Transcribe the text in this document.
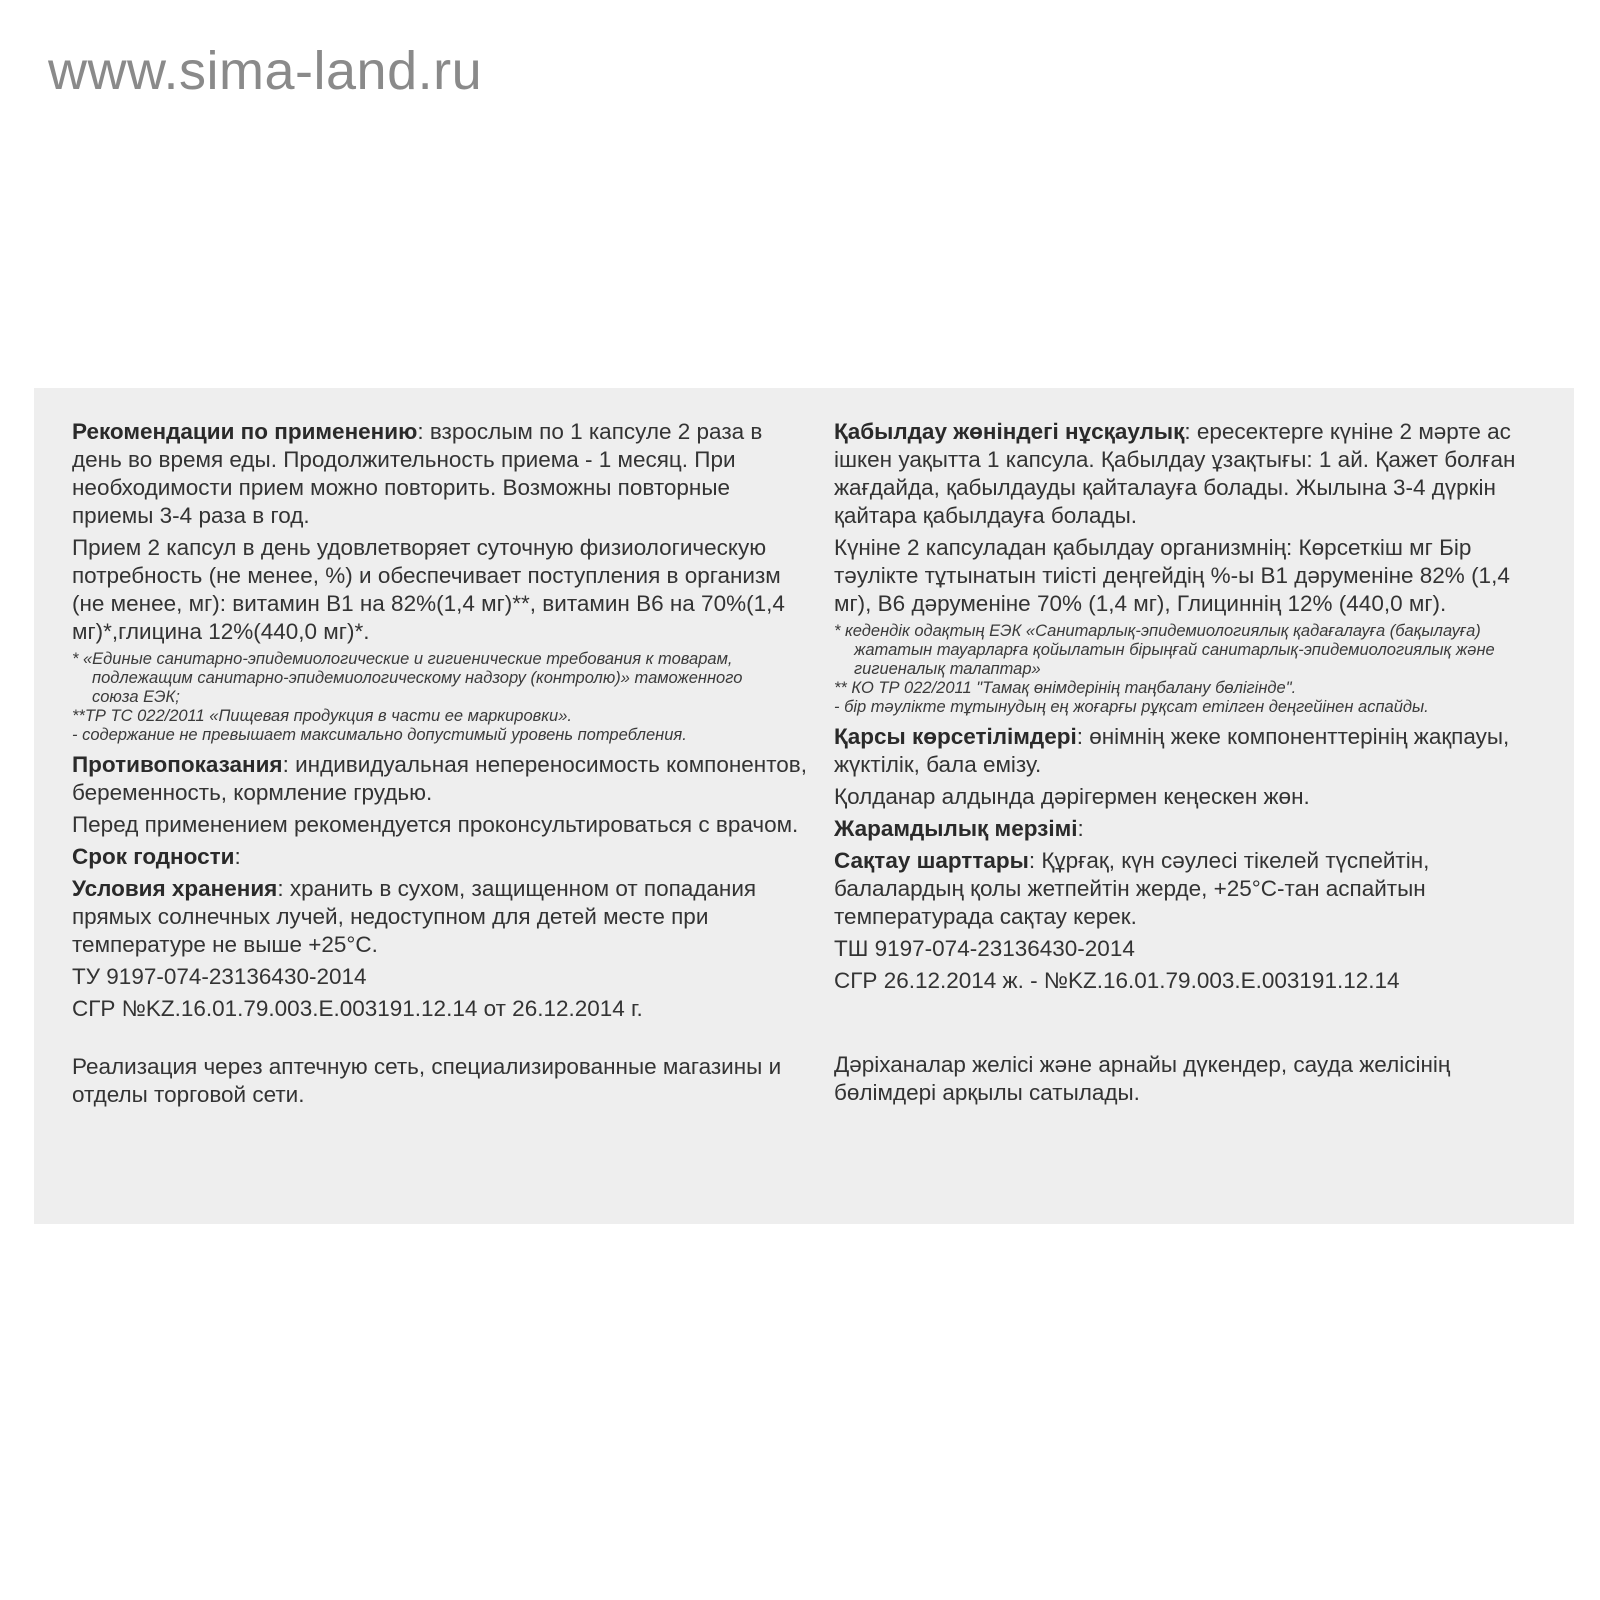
www.sima-land.ru

Рекомендации по применению: взрослым по 1 капсуле 2 раза в день во время еды. Продолжительность приема - 1 месяц. При необходимости прием можно повторить. Возможны повторные приемы 3-4 раза в год.

Прием 2 капсул в день удовлетворяет суточную физиологическую потребность (не менее, %) и обеспечивает поступления в организм (не менее, мг): витамин В1 на 82%(1,4 мг)**, витамин В6 на 70%(1,4 мг)*,глицина 12%(440,0 мг)*.

* «Единые санитарно-эпидемиологические и гигиенические требования к товарам,
подлежащим санитарно-эпидемиологическому надзору (контролю)» таможенного
союза ЕЭК;
**ТР ТС 022/2011 «Пищевая продукция в части ее маркировки».
- содержание не превышает максимально допустимый уровень потребления.

Противопоказания: индивидуальная непереносимость компонентов, беременность, кормление грудью.

Перед применением рекомендуется проконсультироваться с врачом.

Срок годности:

Условия хранения: хранить в сухом, защищенном от попадания прямых солнечных лучей, недоступном для детей месте при температуре не выше +25°С.

ТУ 9197-074-23136430-2014

СГР №KZ.16.01.79.003.E.003191.12.14 от 26.12.2014 г.

Реализация через аптечную сеть, специализированные магазины и отделы торговой сети.

Қабылдау жөніндегі нұсқаулық: ересектерге күніне 2 мәрте ас ішкен уақытта 1 капсула. Қабылдау ұзақтығы: 1 ай. Қажет болған жағдайда, қабылдауды қайталауға болады. Жылына 3-4 дүркін қайтара қабылдауға болады.

Күніне 2 капсуладан қабылдау организмнің: Көрсеткіш мг Бір тәулікте тұтынатын тиісті деңгейдің %-ы В1 дәруменіне 82% (1,4 мг), В6 дәруменіне 70% (1,4 мг), Глициннің 12% (440,0 мг).

* кедендік одақтың ЕЭК «Санитарлық-эпидемиологиялық қадағалауға (бақылауға)
жататын тауарларға қойылатын бірыңғай санитарлық-эпидемиологиялық және
гигиеналық талаптар»
** КО ТР 022/2011 "Тамақ өнімдерінің таңбалану бөлігінде".
- бір тәулікте тұтынудың ең жоғарғы рұқсат етілген деңгейінен аспайды.

Қарсы көрсетілімдері: өнімнің жеке компоненттерінің жақпауы, жүктілік, бала емізу.

Қолданар алдында дәрігермен кеңескен жөн.

Жарамдылық мерзімі:

Сақтау шарттары: Құрғақ, күн сәулесі тікелей түспейтін, балалардың қолы жетпейтін жерде, +25°С-тан аспайтын температурада сақтау керек.

ТШ 9197-074-23136430-2014

СГР 26.12.2014 ж. - №KZ.16.01.79.003.E.003191.12.14

Дәріханалар желісі және арнайы дүкендер, сауда желісінің бөлімдері арқылы сатылады.
